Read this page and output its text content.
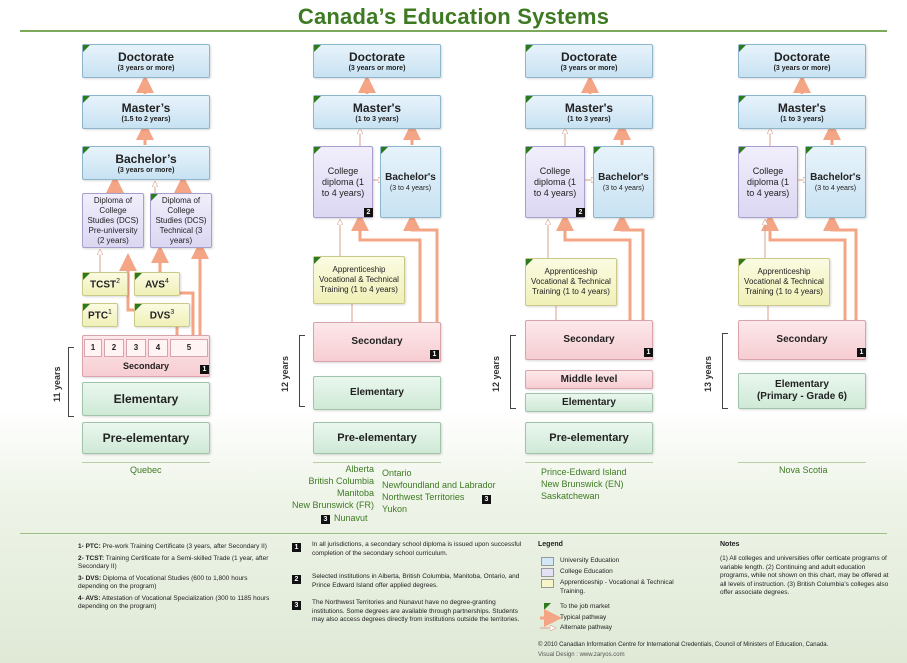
Canada’s Education Systems
Doctorate
(3 years or more)
Master’s
(1.5 to 2 years)
Bachelor’s
(3 years or more)
Diploma of College Studies (DCS) Pre-university (2 years)
Diploma of College Studies (DCS) Technical (3 years)
TCST$^2$	AVS$^4$
PTC$^1$	DVS$^3$
Secondary
1	2	3	4	5
1
Elementary
Pre-elementary
11 years
Quebec
Doctorate
(3 years or more)
Master's
(1 to 3 years)
College diploma (1 to 4 years)
2
Bachelor's
(3 to 4 years)
Apprenticeship Vocational & Technical Training (1 to 4 years)
Secondary
1
Elementary
Pre-elementary
12 years
Alberta
British Columbia
Manitoba
New Brunswick (FR)
3 Nunavut
Ontario
Newfoundland and Labrador
Northwest Territories
Yukon
3
Doctorate
(3 years or more)
Master's
(1 to 3 years)
College diploma (1 to 4 years)
2
Bachelor's
(3 to 4 years)
Apprenticeship Vocational & Technical Training (1 to 4 years)
Secondary
1
Middle level
Elementary
Pre-elementary
12 years
Prince-Edward Island
New Brunswick (EN)
Saskatchewan
Doctorate
(3 years or more)
Master's
(1 to 3 years)
College diploma (1 to 4 years)
Bachelor's
(3 to 4 years)
Apprenticeship Vocational & Technical Training (1 to 4 years)
Secondary
1
Elementary
(Primary - Grade 6)
13 years
Nova Scotia
1- PTC: Pre-work Training Certificate (3 years, after Secondary II)
2- TCST: Training Certificate for a Semi-skilled Trade (1 year, after Secondary II)
3- DVS: Diploma of Vocational Studies (600 to 1,800 hours depending on the program)
4- AVS: Attestation of Vocational Specialization (300 to 1185 hours depending on the program)
1	In all jurisdictions, a secondary school diploma is issued upon successful completion of the secondary school curriculum.
2	Selected institutions in Alberta, British Columbia, Manitoba, Ontario, and Prince Edward Island offer applied degrees.
3	The Northwest Territories and Nunavut have no degree-granting institutions. Some degrees are available through partnerships. Students may also access degrees directly from institutions outside the territories.
Legend
University Education
College Education
Apprenticeship - Vocational & Technical Training.
To the job market
Typical pathway
Alternate pathway
Notes
(1) All colleges and universities offer certicate programs of variable length. (2) Continuing and adult education programs, while not shown on this chart, may be offered at all levels of instruction. (3) British Columbia’s colleges also offer associate degrees.
© 2010 Canadian Information Centre for International Credentials, Council of Ministers of Education, Canada.
Visual Design : www.zaryos.com
